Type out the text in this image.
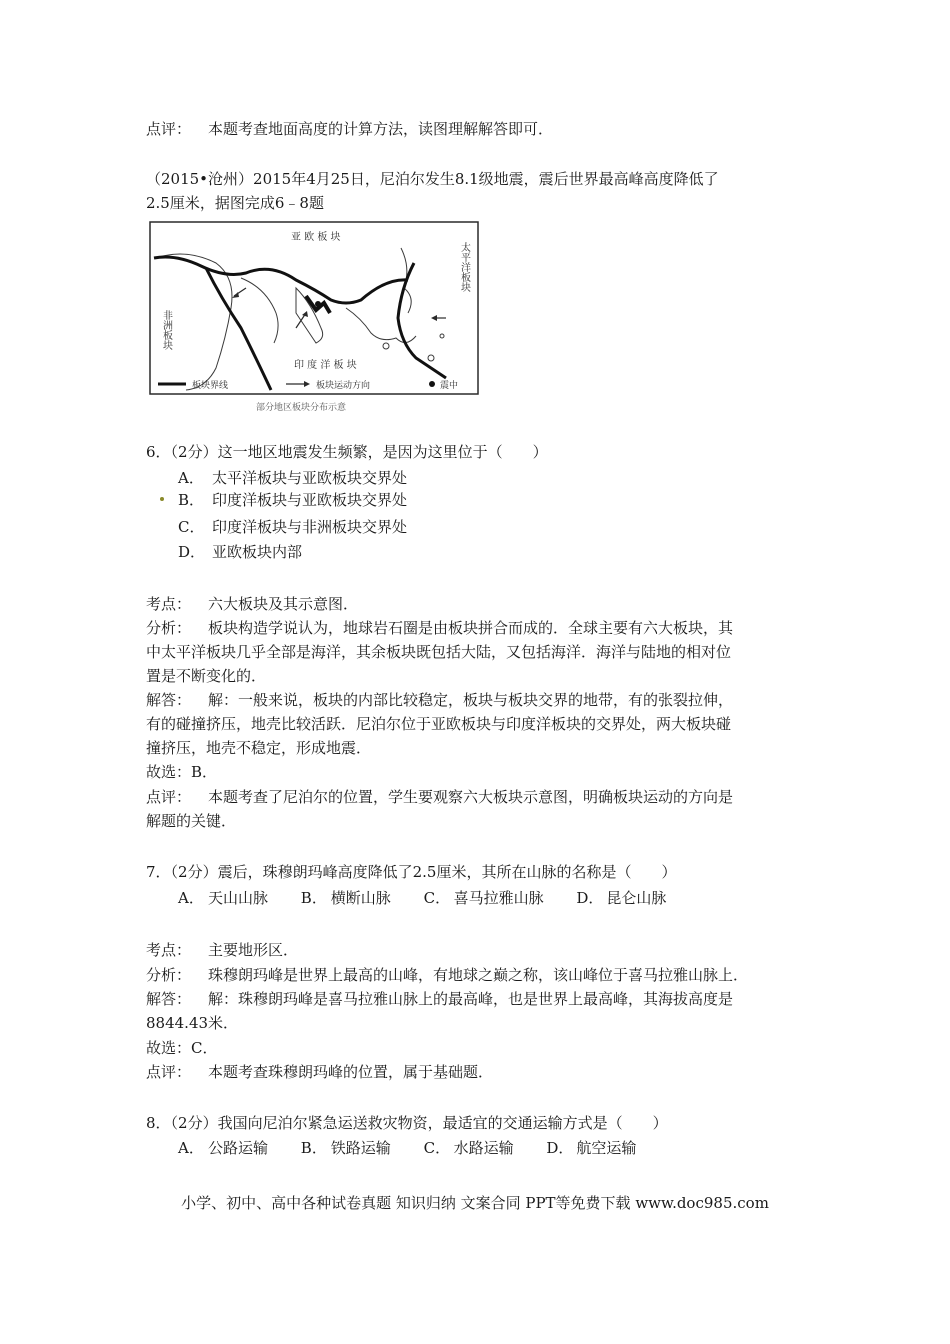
点评： 本题考查地面高度的计算方法，读图理解解答即可．
（2015•沧州）2015年4月25日，尼泊尔发生8.1级地震，震后世界最高峰高度降低了
2.5厘米，据图完成6﹣8题
亚 欧 板 块
非洲板块
太平洋板块
印 度 洋 板 块
板块界线	板块运动方向	震中
部分地区板块分布示意
6．（2分）这一地区地震发生频繁，是因为这里位于（　　）
A． 太平洋板块与亚欧板块交界处
B． 印度洋板块与亚欧板块交界处
C． 印度洋板块与非洲板块交界处
D． 亚欧板块内部
考点： 六大板块及其示意图．
分析： 板块构造学说认为，地球岩石圈是由板块拼合而成的．全球主要有六大板块，其
中太平洋板块几乎全部是海洋，其余板块既包括大陆，又包括海洋．海洋与陆地的相对位
置是不断变化的．
解答： 解：一般来说，板块的内部比较稳定，板块与板块交界的地带，有的张裂拉伸，
有的碰撞挤压，地壳比较活跃．尼泊尔位于亚欧板块与印度洋板块的交界处，两大板块碰
撞挤压，地壳不稳定，形成地震．
故选：B．
点评： 本题考查了尼泊尔的位置，学生要观察六大板块示意图，明确板块运动的方向是
解题的关键．
7．（2分）震后，珠穆朗玛峰高度降低了2.5厘米，其所在山脉的名称是（　　）
A． 天山山脉 B． 横断山脉 C． 喜马拉雅山脉 D． 昆仑山脉
考点： 主要地形区．
分析： 珠穆朗玛峰是世界上最高的山峰，有地球之巅之称，该山峰位于喜马拉雅山脉上．
解答： 解：珠穆朗玛峰是喜马拉雅山脉上的最高峰，也是世界上最高峰，其海拔高度是
8844.43米．
故选：C．
点评： 本题考查珠穆朗玛峰的位置，属于基础题．
8．（2分）我国向尼泊尔紧急运送救灾物资，最适宜的交通运输方式是（　　）
A． 公路运输 B． 铁路运输 C． 水路运输 D． 航空运输
小学、初中、高中各种试卷真题 知识归纳 文案合同 PPT等免费下载 www.doc985.com
